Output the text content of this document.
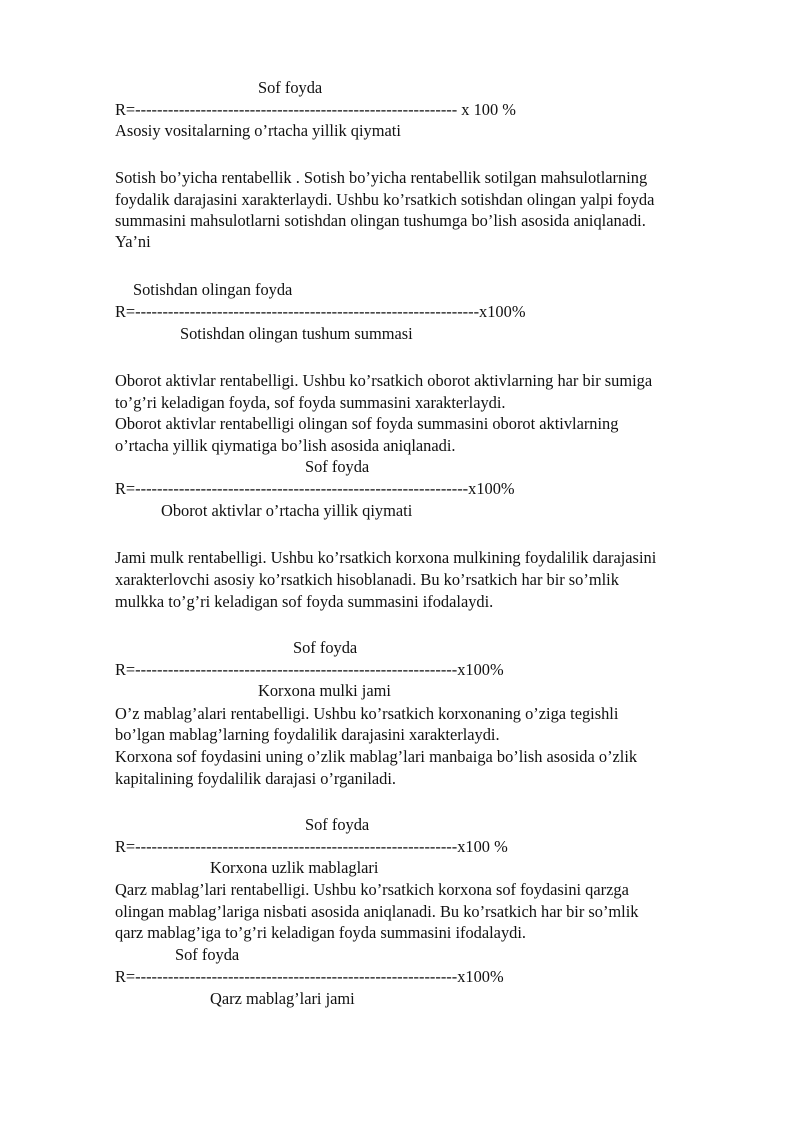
Sof foyda
R=----------------------------------------------------------- x 100 %
Asosiy vositalarning o’rtacha yillik qiymati
Sotish bo’yicha rentabellik . Sotish bo’yicha rentabellik sotilgan mahsulotlarning
foydalik darajasini xarakterlaydi. Ushbu ko’rsatkich sotishdan olingan yalpi foyda
summasini mahsulotlarni sotishdan olingan tushumga bo’lish asosida aniqlanadi.
Ya’ni
Sotishdan olingan foyda
R=---------------------------------------------------------------x100%
Sotishdan olingan tushum summasi
Oborot aktivlar rentabelligi. Ushbu ko’rsatkich oborot aktivlarning har bir sumiga
to’g’ri keladigan foyda, sof foyda summasini xarakterlaydi.
Oborot aktivlar rentabelligi olingan sof foyda summasini oborot aktivlarning
o’rtacha yillik qiymatiga bo’lish asosida aniqlanadi.
Sof foyda
R=-------------------------------------------------------------x100%
Oborot aktivlar o’rtacha yillik qiymati
Jami mulk rentabelligi. Ushbu ko’rsatkich korxona mulkining foydalilik darajasini
xarakterlovchi asosiy ko’rsatkich hisoblanadi. Bu ko’rsatkich har bir so’mlik
mulkka to’g’ri keladigan sof foyda summasini ifodalaydi.
Sof foyda
R=-----------------------------------------------------------x100%
Korxona mulki jami
O’z mablag’alari rentabelligi. Ushbu ko’rsatkich korxonaning o’ziga tegishli
bo’lgan mablag’larning foydalilik darajasini xarakterlaydi.
Korxona sof foydasini uning o’zlik mablag’lari manbaiga bo’lish asosida o’zlik
kapitalining foydalilik darajasi o’rganiladi.
Sof foyda
R=-----------------------------------------------------------x100 %
Korxona uzlik mablaglari
Qarz mablag’lari rentabelligi. Ushbu ko’rsatkich korxona sof foydasini qarzga
olingan mablag’lariga nisbati asosida aniqlanadi. Bu ko’rsatkich har bir so’mlik
qarz mablag’iga to’g’ri keladigan foyda summasini ifodalaydi.
Sof foyda
R=-----------------------------------------------------------x100%
Qarz mablag’lari jami
